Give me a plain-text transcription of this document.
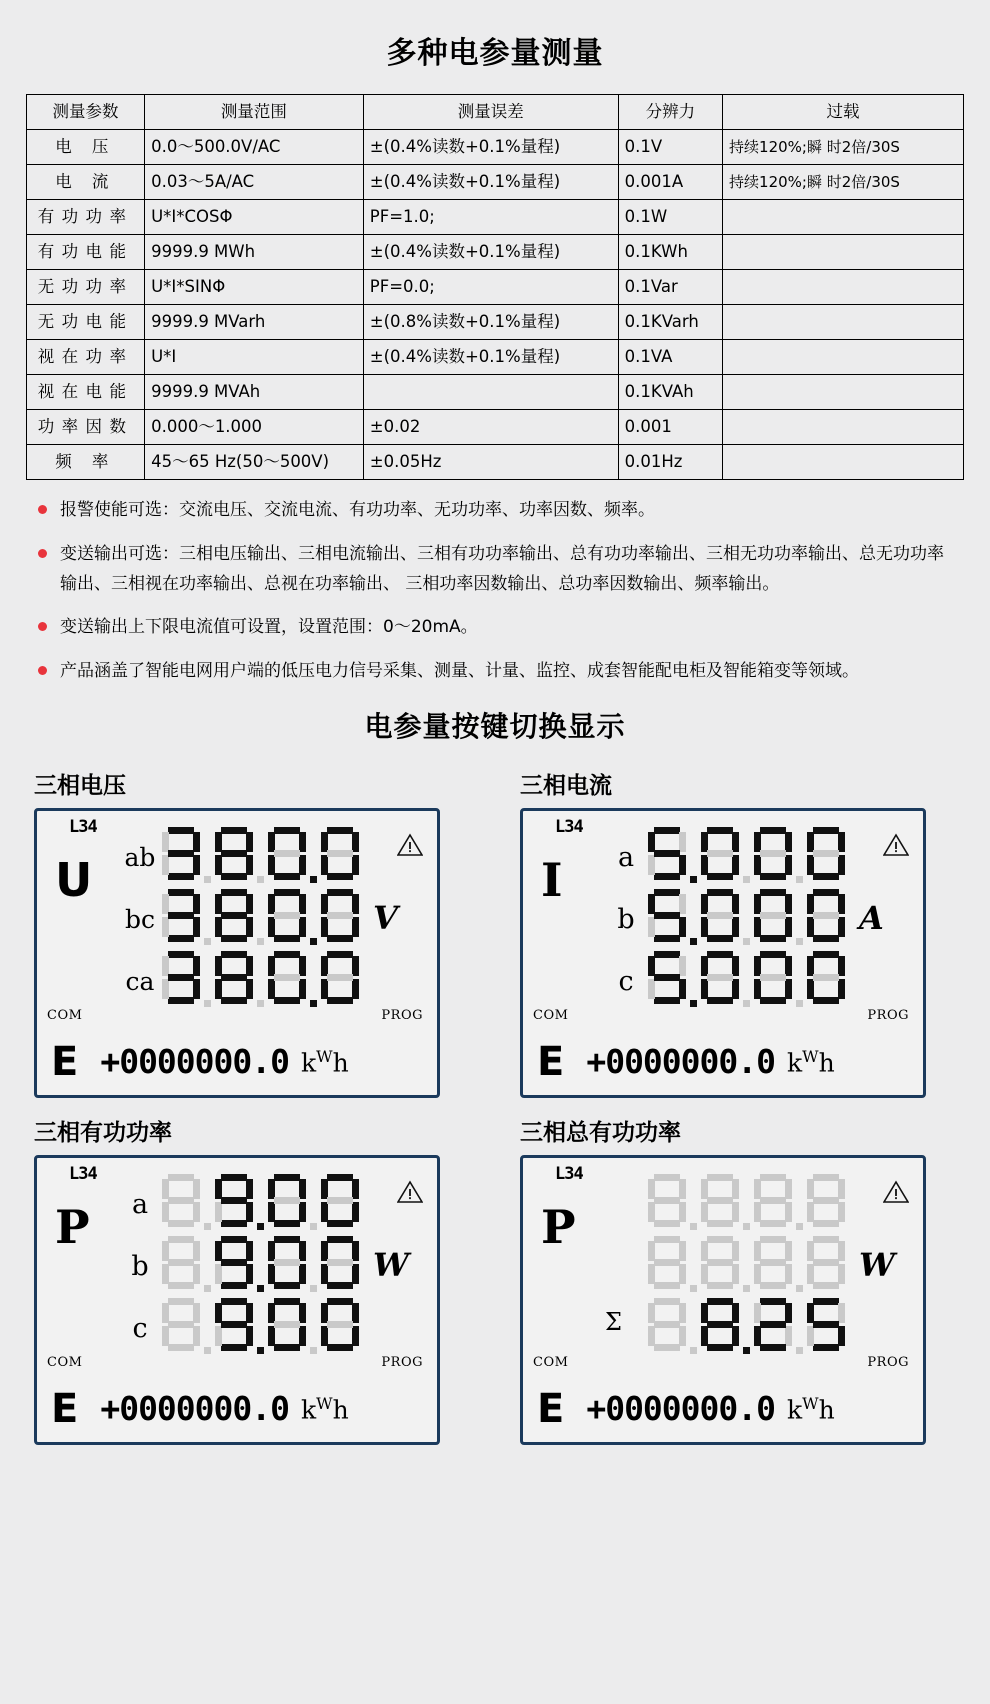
多种电参量测量
测量参数	测量范围	测量误差	分辨力	过载
电 压	0.0～500.0V/AC	±(0.4%读数+0.1%量程)	0.1V	持续120%;瞬 时2倍/30S
电 流	0.03～5A/AC	±(0.4%读数+0.1%量程)	0.001A	持续120%;瞬 时2倍/30S
有功功率	U*I*COSΦ	PF=1.0;	0.1W	
有功电能	9999.9 MWh	±(0.4%读数+0.1%量程)	0.1KWh	
无功功率	U*I*SINΦ	PF=0.0;	0.1Var	
无功电能	9999.9 MVarh	±(0.8%读数+0.1%量程)	0.1KVarh	
视在功率	U*I	±(0.4%读数+0.1%量程)	0.1VA	
视在电能	9999.9 MVAh		0.1KVAh	
功率因数	0.000～1.000	±0.02	0.001	
频 率	45～65 Hz(50～500V)	±0.05Hz	0.01Hz	
报警使能可选：交流电压、交流电流、有功功率、无功功率、功率因数、频率。
变送输出可选：三相电压输出、三相电流输出、三相有功功率输出、总有功功率输出、三相无功功率输出、总无功功率输出、三相视在功率输出、总视在功率输出、 三相功率因数输出、总功率因数输出、频率输出。
变送输出上下限电流值可设置，设置范围：0～20mA。
产品涵盖了智能电网用户端的低压电力信号采集、测量、计量、监控、成套智能配电柜及智能箱变等领域。
电参量按键切换显示
三相电压
L34
U
COM	PROG
ab
bc
ca
V
E +0000000.0 $k^Wh$
三相电流
L34
I
COM	PROG
a
b
c
A
E +0000000.0 $k^Wh$
三相有功功率
L34
P
COM	PROG
a
b
c
W
E +0000000.0 $k^Wh$
三相总有功功率
L34
P
COM	PROG
Σ
W
E +0000000.0 $k^Wh$
